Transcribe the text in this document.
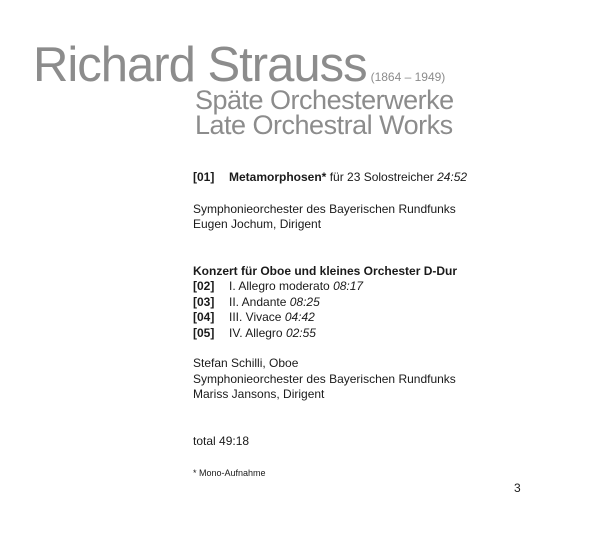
Richard Strauss (1864 – 1949)
Späte Orchesterwerke
Late Orchestral Works
[01] Metamorphosen* für 23 Solostreicher 24:52
Symphonieorchester des Bayerischen Rundfunks
Eugen Jochum, Dirigent
Konzert für Oboe und kleines Orchester D-Dur
[02] I. Allegro moderato 08:17
[03] II. Andante 08:25
[04] III. Vivace 04:42
[05] IV. Allegro 02:55
Stefan Schilli, Oboe
Symphonieorchester des Bayerischen Rundfunks
Mariss Jansons, Dirigent
total 49:18
* Mono-Aufnahme
3
